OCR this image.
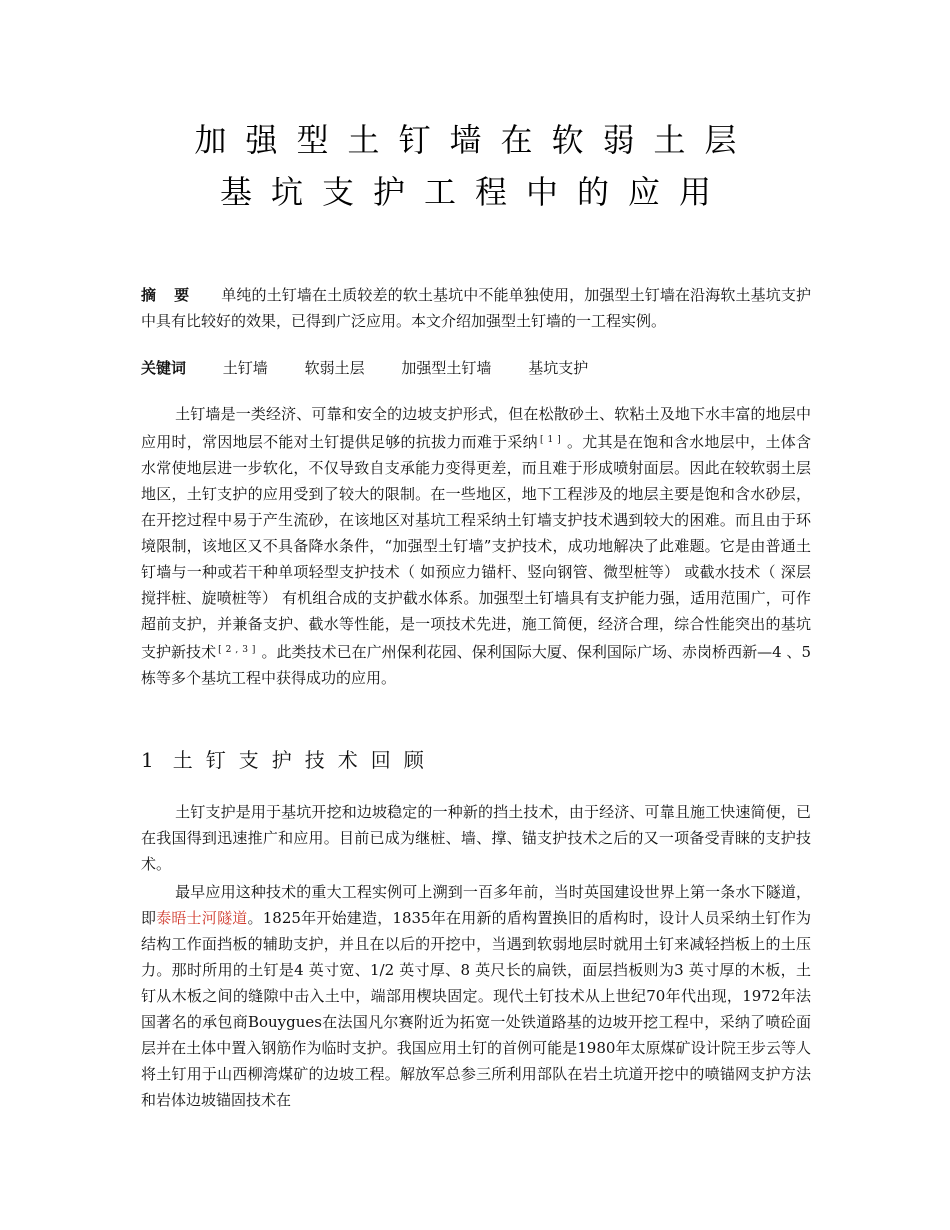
加强型土钉墙在软弱土层
基坑支护工程中的应用
摘要 单纯的土钉墙在土质较差的软土基坑中不能单独使用，加强型土钉墙在沿海软土基坑支护中具有比较好的效果，已得到广泛应用。本文介绍加强型土钉墙的一工程实例。
关键词 土钉墙 软弱土层 加强型土钉墙 基坑支护
土钉墙是一类经济、可靠和安全的边坡支护形式，但在松散砂土、软粘土及地下水丰富的地层中应用时，常因地层不能对土钉提供足够的抗拔力而难于采纳 [1] 。尤其是在饱和含水地层中，土体含水常使地层进一步软化，不仅导致自支承能力变得更差，而且难于形成喷射面层。因此在较软弱土层地区，土钉支护的应用受到了较大的限制。在一些地区，地下工程涉及的地层主要是饱和含水砂层，在开挖过程中易于产生流砂，在该地区对基坑工程采纳土钉墙支护技术遇到较大的困难。而且由于环境限制，该地区又不具备降水条件，“加强型土钉墙”支护技术，成功地解决了此难题。它是由普通土钉墙与一种或若干种单项轻型支护技术（ 如预应力锚杆、竖向钢管、微型桩等） 或截水技术（ 深层搅拌桩、旋喷桩等） 有机组合成的支护截水体系。加强型土钉墙具有支护能力强，适用范围广，可作超前支护，并兼备支护、截水等性能，是一项技术先进，施工简便，经济合理，综合性能突出的基坑支护新技术 [2,3] 。此类技术已在广州保利花园、保利国际大厦、保利国际广场、赤岗桥西新—4 、5 栋等多个基坑工程中获得成功的应用。
1 土钉支护技术回顾
土钉支护是用于基坑开挖和边坡稳定的一种新的挡土技术，由于经济、可靠且施工快速简便，已在我国得到迅速推广和应用。目前已成为继桩、墙、撑、锚支护技术之后的又一项备受青睐的支护技术。
最早应用这种技术的重大工程实例可上溯到一百多年前，当时英国建设世界上第一条水下隧道，即泰晤士河隧道。1825年开始建造，1835年在用新的盾构置换旧的盾构时，设计人员采纳土钉作为结构工作面挡板的辅助支护，并且在以后的开挖中，当遇到软弱地层时就用土钉来减轻挡板上的土压力。那时所用的土钉是4 英寸宽、1/2 英寸厚、8 英尺长的扁铁，面层挡板则为3 英寸厚的木板，土钉从木板之间的缝隙中击入土中，端部用楔块固定。现代土钉技术从上世纪70年代出现，1972年法国著名的承包商Bouygues在法国凡尔赛附近为拓宽一处铁道路基的边坡开挖工程中，采纳了喷砼面层并在土体中置入钢筋作为临时支护。我国应用土钉的首例可能是1980年太原煤矿设计院王步云等人将土钉用于山西柳湾煤矿的边坡工程。解放军总参三所利用部队在岩土坑道开挖中的喷锚网支护方法和岩体边坡锚固技术在
